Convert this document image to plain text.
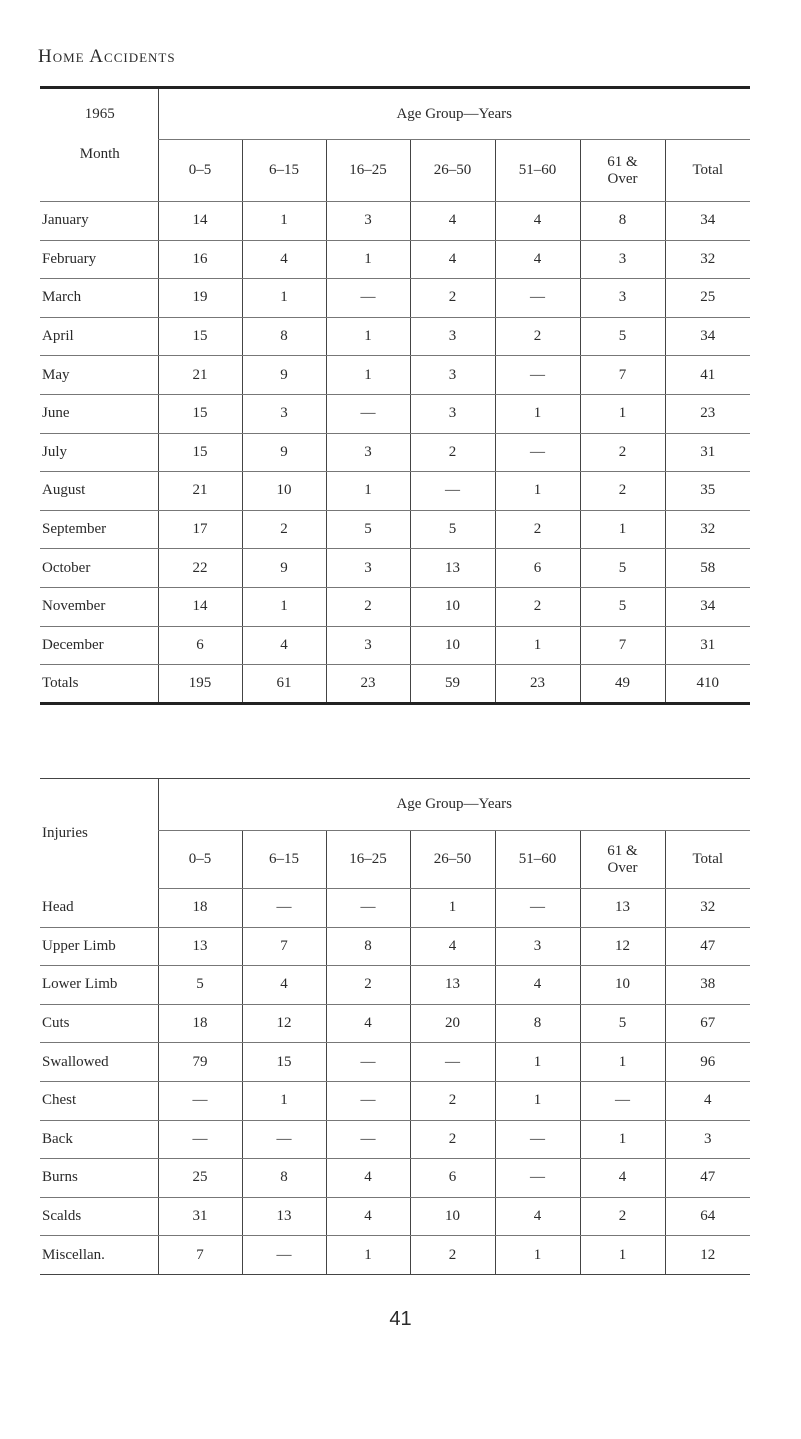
Home Accidents
1965	Age Group—Years						
Month	0–5	6–15	16–25	26–50	51–60	61 & Over	Total
January	14	1	3	4	4	8	34
February	16	4	1	4	4	3	32
March	19	1	—	2	—	3	25
April	15	8	1	3	2	5	34
May	21	9	1	3	—	7	41
June	15	3	—	3	1	1	23
July	15	9	3	2	—	2	31
August	21	10	1	—	1	2	35
September	17	2	5	5	2	1	32
October	22	9	3	13	6	5	58
November	14	1	2	10	2	5	34
December	6	4	3	10	1	7	31
Totals	195	61	23	59	23	49	410
Injuries	Age Group—Years						
	0–5	6–15	16–25	26–50	51–60	61 & Over	Total
Head	18	—	—	1	—	13	32
Upper Limb	13	7	8	4	3	12	47
Lower Limb	5	4	2	13	4	10	38
Cuts	18	12	4	20	8	5	67
Swallowed	79	15	—	—	1	1	96
Chest	—	1	—	2	1	—	4
Back	—	—	—	2	—	1	3
Burns	25	8	4	6	—	4	47
Scalds	31	13	4	10	4	2	64
Miscellan.	7	—	1	2	1	1	12
41
